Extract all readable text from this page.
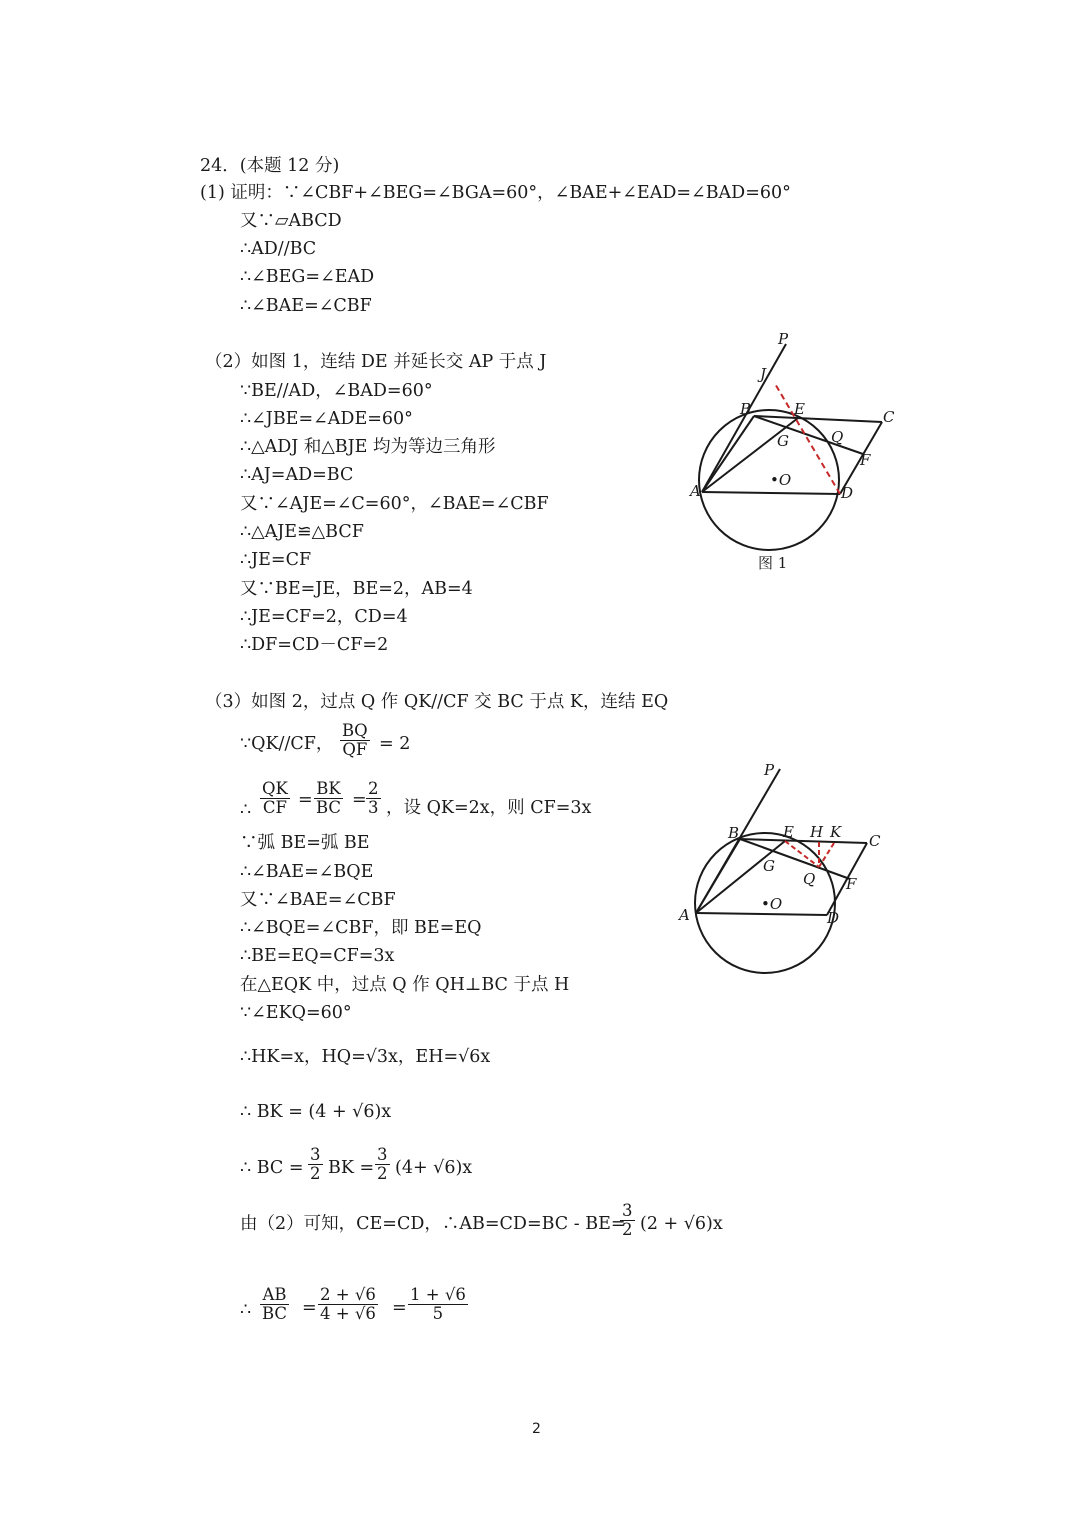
24．(本题 12 分)
(1) 证明：∵∠CBF+∠BEG=∠BGA=60°，∠BAE+∠EAD=∠BAD=60°
又∵▱ABCD
∴AD//BC
∴∠BEG=∠EAD
∴∠BAE=∠CBF
（2）如图 1，连结 DE 并延长交 AP 于点 J
∵BE//AD，∠BAD=60°
∴∠JBE=∠ADE=60°
∴△ADJ 和△BJE 均为等边三角形
∴AJ=AD=BC
又∵∠AJE=∠C=60°，∠BAE=∠CBF
∴△AJE≌△BCF
∴JE=CF
又∵BE=JE，BE=2，AB=4
∴JE=CF=2，CD=4
∴DF=CD－CF=2
P
J
B	E	C
G	Q
F
A
•O
D
图 1
（3）如图 2，过点 Q 作 QK//CF 交 BC 于点 K，连结 EQ
∵QK//CF， $\frac{BQ}{QF} = 2$
∴ $\frac{QK}{CF} = \frac{BK}{BC} = \frac{2}{3}$ ，设 QK=2x，则 CF=3x
∵弧 BE=弧 BE
∴∠BAE=∠BQE
又∵∠BAE=∠CBF
∴∠BQE=∠CBF，即 BE=EQ
∴BE=EQ=CF=3x
在△EQK 中，过点 Q 作 QH⊥BC 于点 H
∵∠EKQ=60°
∴HK=x，HQ=√3x，EH=√6x
∴ BK = (4 + √6)x
∴ BC = $\frac{3}{2}$ BK = $\frac{3}{2} (4+ √6)x$
由（2）可知，CE=CD，∴AB=CD=BC - BE=
$\frac{3}{2} (2 + √6)x$
∴ $\frac{AB}{BC} = \frac{2 + √6}{4 + √6} = \frac{1 + √6}{5}$
P
B	E H K C
G
Q F
A
•O
D
2
